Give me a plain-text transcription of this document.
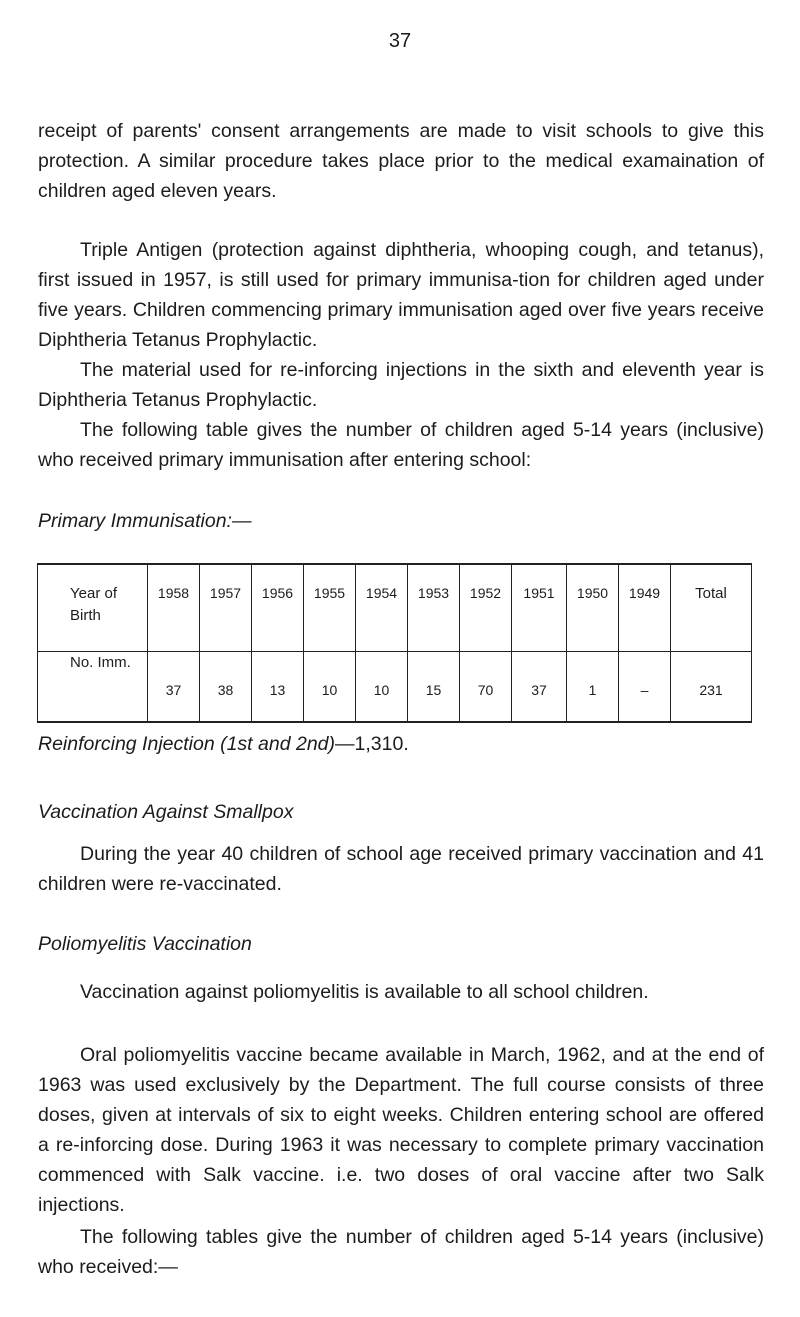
37

receipt of parents' consent arrangements are made to visit schools to give this protection. A similar procedure takes place prior to the medical examaination of children aged eleven years.

Triple Antigen (protection against diphtheria, whooping cough, and tetanus), first issued in 1957, is still used for primary immunisa-tion for children aged under five years. Children commencing primary immunisation aged over five years receive Diphtheria Tetanus Prophylactic.

The material used for re-inforcing injections in the sixth and eleventh year is Diphtheria Tetanus Prophylactic.

The following table gives the number of children aged 5-14 years (inclusive) who received primary immunisation after entering school:

Primary Immunisation:—

Year of Birth	1958	1957	1956	1955	1954	1953	1952	1951	1950	1949	Total
No. Imm.	37	38	13	10	10	15	70	37	1	–	231

Reinforcing Injection (1st and 2nd)—1,310.

Vaccination Against Smallpox

During the year 40 children of school age received primary vaccination and 41 children were re-vaccinated.

Poliomyelitis Vaccination

Vaccination against poliomyelitis is available to all school children.

Oral poliomyelitis vaccine became available in March, 1962, and at the end of 1963 was used exclusively by the Department. The full course consists of three doses, given at intervals of six to eight weeks. Children entering school are offered a re-inforcing dose. During 1963 it was necessary to complete primary vaccination commenced with Salk vaccine. i.e. two doses of oral vaccine after two Salk injections.

The following tables give the number of children aged 5-14 years (inclusive) who received:—
